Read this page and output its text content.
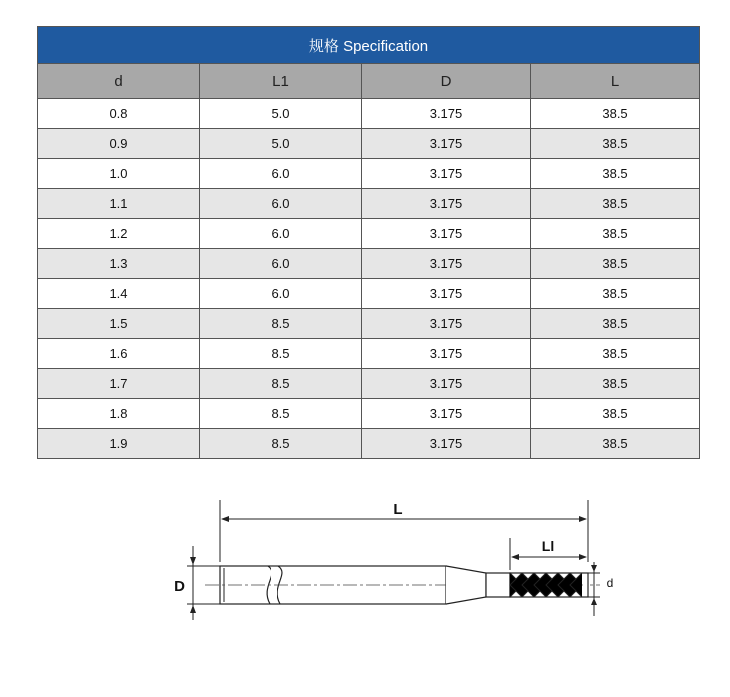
规格 Specification			
d	L1	D	L
0.8	5.0	3.175	38.5
0.9	5.0	3.175	38.5
1.0	6.0	3.175	38.5
1.1	6.0	3.175	38.5
1.2	6.0	3.175	38.5
1.3	6.0	3.175	38.5
1.4	6.0	3.175	38.5
1.5	8.5	3.175	38.5
1.6	8.5	3.175	38.5
1.7	8.5	3.175	38.5
1.8	8.5	3.175	38.5
1.9	8.5	3.175	38.5
L
Ll
D	d
